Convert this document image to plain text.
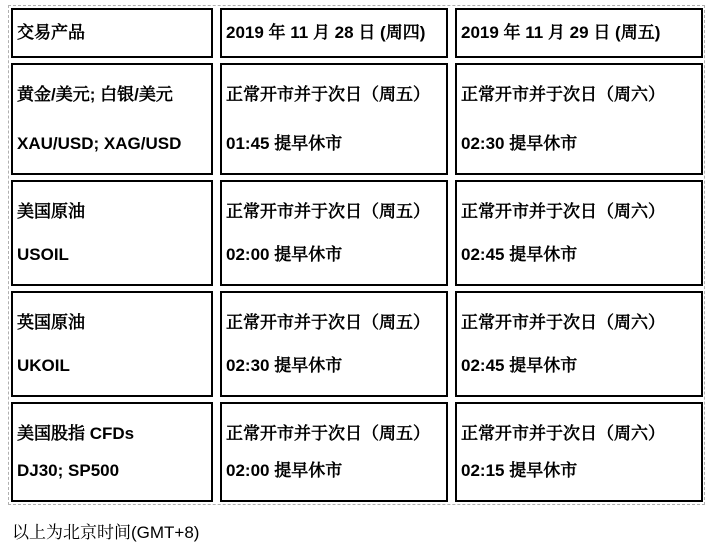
交易产品	2019 年 11 月 28 日 (周四) 2019 年 11 月 29 日 (周五)

黄金/美元; 白银/美元

XAU/USD; XAG/USD

正常开市并于次日（周五）

01:45 提早休市

正常开市并于次日（周六）

02:30 提早休市

美国原油

USOIL

正常开市并于次日（周五）

02:00 提早休市

正常开市并于次日（周六）

02:45 提早休市

英国原油

UKOIL

正常开市并于次日（周五）

02:30 提早休市

正常开市并于次日（周六）

02:45 提早休市

美国股指 CFDs

DJ30; SP500

正常开市并于次日（周五）

02:00 提早休市

正常开市并于次日（周六）

02:15 提早休市

以上为北京时间(GMT+8)
